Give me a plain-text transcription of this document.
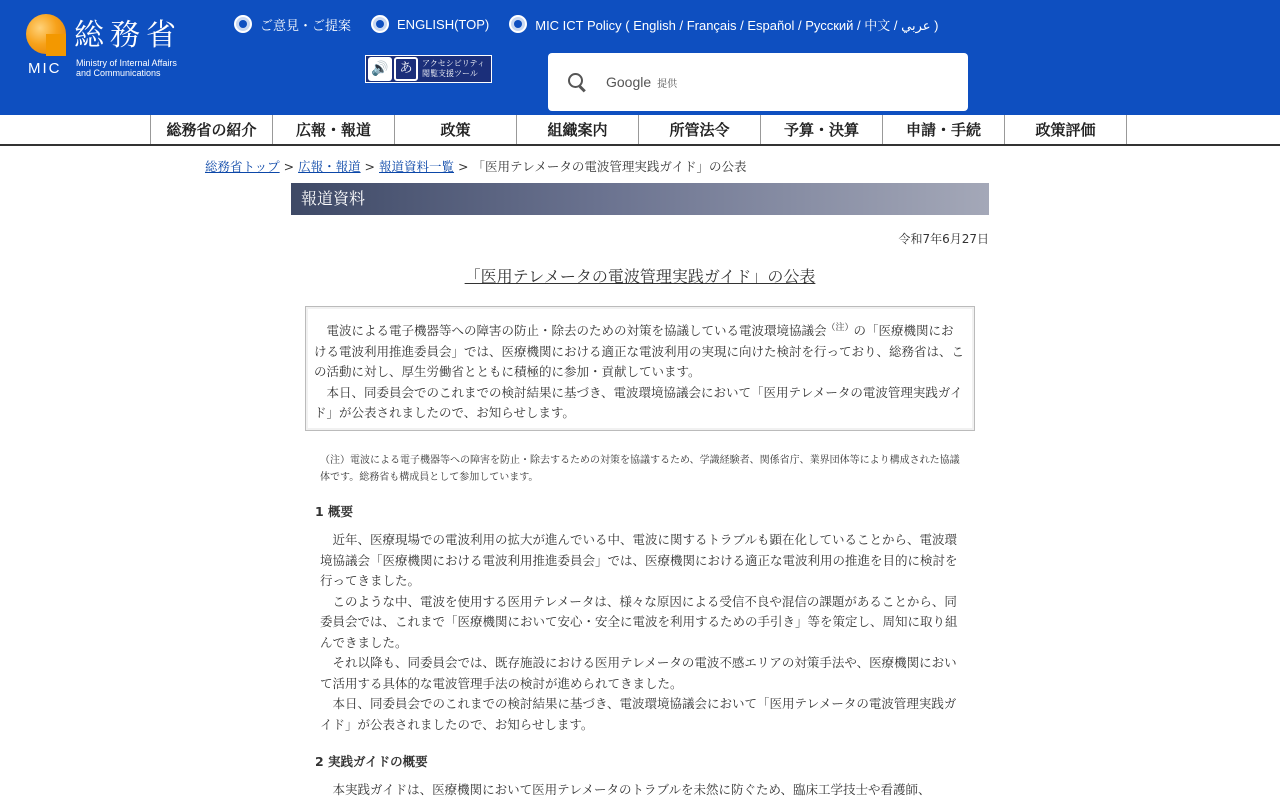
総務省
MIC Ministry of Internal Affairs
and Communications
ご意見・ご提案	ENGLISH(TOP)	MIC ICT Policy ( English / Français / Español / Русский / 中文 / عربي )
🔊 あ	アクセシビリティ
閲覧支援ツール
Google 提供
総務省の紹介	広報・報道	政策	組織案内	所管法令	予算・決算	申請・手続	政策評価
総務省トップ > 広報・報道 > 報道資料一覧 > 「医用テレメータの電波管理実践ガイド」の公表
報道資料
令和7年6月27日
「医用テレメータの電波管理実践ガイド」の公表

電波による電子機器等への障害の防止・除去のための対策を協議している電波環境協議会$^{(注)}$の「医療機関における電波利用推進委員会」では、医療機関における適正な電波利用の実現に向けた検討を行っており、総務省は、この活動に対し、厚生労働省とともに積極的に参加・貢献しています。

本日、同委員会でのこれまでの検討結果に基づき、電波環境協議会において「医用テレメータの電波管理実践ガイド」が公表されましたので、お知らせします。

（注）電波による電子機器等への障害を防止・除去するための対策を協議するため、学識経験者、関係省庁、業界団体等により構成された協議体です。総務省も構成員として参加しています。
1 概要

近年、医療現場での電波利用の拡大が進んでいる中、電波に関するトラブルも顕在化していることから、電波環境協議会「医療機関における電波利用推進委員会」では、医療機関における適正な電波利用の推進を目的に検討を行ってきました。

このような中、電波を使用する医用テレメータは、様々な原因による受信不良や混信の課題があることから、同委員会では、これまで「医療機関において安心・安全に電波を利用するための手引き」等を策定し、周知に取り組んできました。

それ以降も、同委員会では、既存施設における医用テレメータの電波不感エリアの対策手法や、医療機関において活用する具体的な電波管理手法の検討が進められてきました。

本日、同委員会でのこれまでの検討結果に基づき、電波環境協議会において「医用テレメータの電波管理実践ガイド」が公表されましたので、お知らせします。

2 実践ガイドの概要

本実践ガイドは、医療機関において医用テレメータのトラブルを未然に防ぐため、臨床工学技士や看護師、
